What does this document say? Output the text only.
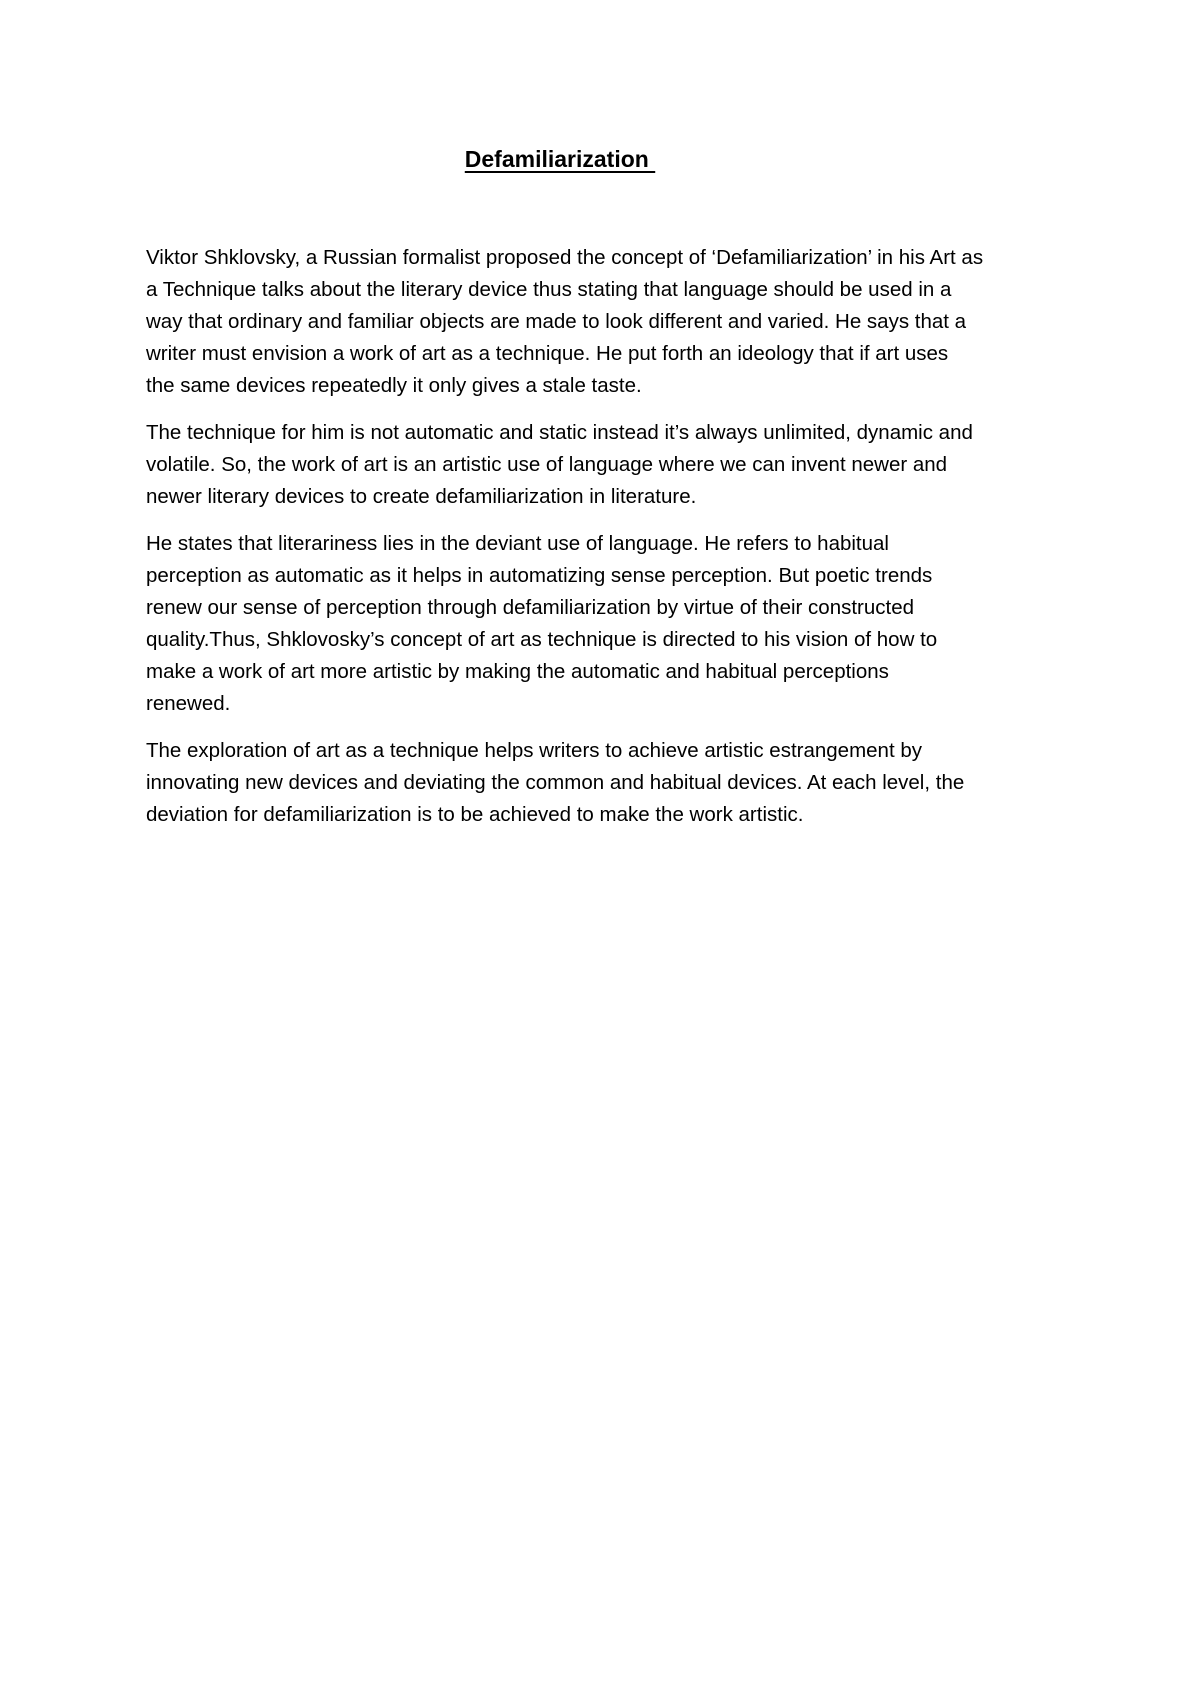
Defamiliarization

Viktor Shklovsky, a Russian formalist proposed the concept of ‘Defamiliarization’ in his Art as
a Technique talks about the literary device thus stating that language should be used in a
way that ordinary and familiar objects are made to look different and varied. He says that a
writer must envision a work of art as a technique. He put forth an ideology that if art uses
the same devices repeatedly it only gives a stale taste.

The technique for him is not automatic and static instead it’s always unlimited, dynamic and
volatile. So, the work of art is an artistic use of language where we can invent newer and
newer literary devices to create defamiliarization in literature.

He states that literariness lies in the deviant use of language. He refers to habitual
perception as automatic as it helps in automatizing sense perception. But poetic trends
renew our sense of perception through defamiliarization by virtue of their constructed
quality.Thus, Shklovosky’s concept of art as technique is directed to his vision of how to
make a work of art more artistic by making the automatic and habitual perceptions
renewed.

The exploration of art as a technique helps writers to achieve artistic estrangement by
innovating new devices and deviating the common and habitual devices. At each level, the
deviation for defamiliarization is to be achieved to make the work artistic.
